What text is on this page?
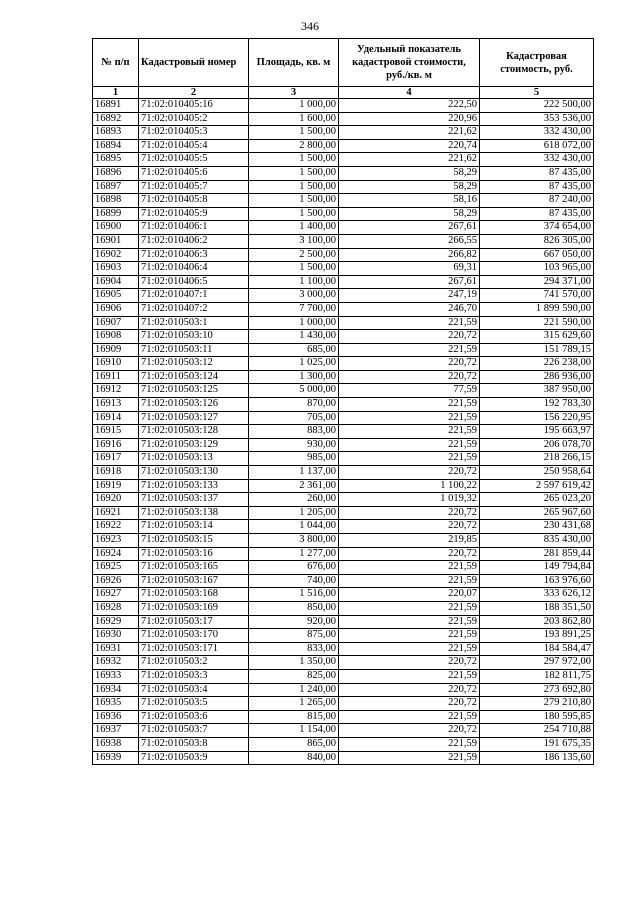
346
№ п/п	Кадастровый номер	Площадь, кв. м	Удельный показатель кадастровой стоимости, руб./кв. м	Кадастровая стоимость, руб.
1	2	3	4	5
16891	71:02:010405:16	1 000,00	222,50	222 500,00
16892	71:02:010405:2	1 600,00	220,96	353 536,00
16893	71:02:010405:3	1 500,00	221,62	332 430,00
16894	71:02:010405:4	2 800,00	220,74	618 072,00
16895	71:02:010405:5	1 500,00	221,62	332 430,00
16896	71:02:010405:6	1 500,00	58,29	87 435,00
16897	71:02:010405:7	1 500,00	58,29	87 435,00
16898	71:02:010405:8	1 500,00	58,16	87 240,00
16899	71:02:010405:9	1 500,00	58,29	87 435,00
16900	71:02:010406:1	1 400,00	267,61	374 654,00
16901	71:02:010406:2	3 100,00	266,55	826 305,00
16902	71:02:010406:3	2 500,00	266,82	667 050,00
16903	71:02:010406:4	1 500,00	69,31	103 965,00
16904	71:02:010406:5	1 100,00	267,61	294 371,00
16905	71:02:010407:1	3 000,00	247,19	741 570,00
16906	71:02:010407:2	7 700,00	246,70	1 899 590,00
16907	71:02:010503:1	1 000,00	221,59	221 590,00
16908	71:02:010503:10	1 430,00	220,72	315 629,60
16909	71:02:010503:11	685,00	221,59	151 789,15
16910	71:02:010503:12	1 025,00	220,72	226 238,00
16911	71:02:010503:124	1 300,00	220,72	286 936,00
16912	71:02:010503:125	5 000,00	77,59	387 950,00
16913	71:02:010503:126	870,00	221,59	192 783,30
16914	71:02:010503:127	705,00	221,59	156 220,95
16915	71:02:010503:128	883,00	221,59	195 663,97
16916	71:02:010503:129	930,00	221,59	206 078,70
16917	71:02:010503:13	985,00	221,59	218 266,15
16918	71:02:010503:130	1 137,00	220,72	250 958,64
16919	71:02:010503:133	2 361,00	1 100,22	2 597 619,42
16920	71:02:010503:137	260,00	1 019,32	265 023,20
16921	71:02:010503:138	1 205,00	220,72	265 967,60
16922	71:02:010503:14	1 044,00	220,72	230 431,68
16923	71:02:010503:15	3 800,00	219,85	835 430,00
16924	71:02:010503:16	1 277,00	220,72	281 859,44
16925	71:02:010503:165	676,00	221,59	149 794,84
16926	71:02:010503:167	740,00	221,59	163 976,60
16927	71:02:010503:168	1 516,00	220,07	333 626,12
16928	71:02:010503:169	850,00	221,59	188 351,50
16929	71:02:010503:17	920,00	221,59	203 862,80
16930	71:02:010503:170	875,00	221,59	193 891,25
16931	71:02:010503:171	833,00	221,59	184 584,47
16932	71:02:010503:2	1 350,00	220,72	297 972,00
16933	71:02:010503:3	825,00	221,59	182 811,75
16934	71:02:010503:4	1 240,00	220,72	273 692,80
16935	71:02:010503:5	1 265,00	220,72	279 210,80
16936	71:02:010503:6	815,00	221,59	180 595,85
16937	71:02:010503:7	1 154,00	220,72	254 710,88
16938	71:02:010503:8	865,00	221,59	191 675,35
16939	71:02:010503:9	840,00	221,59	186 135,60
